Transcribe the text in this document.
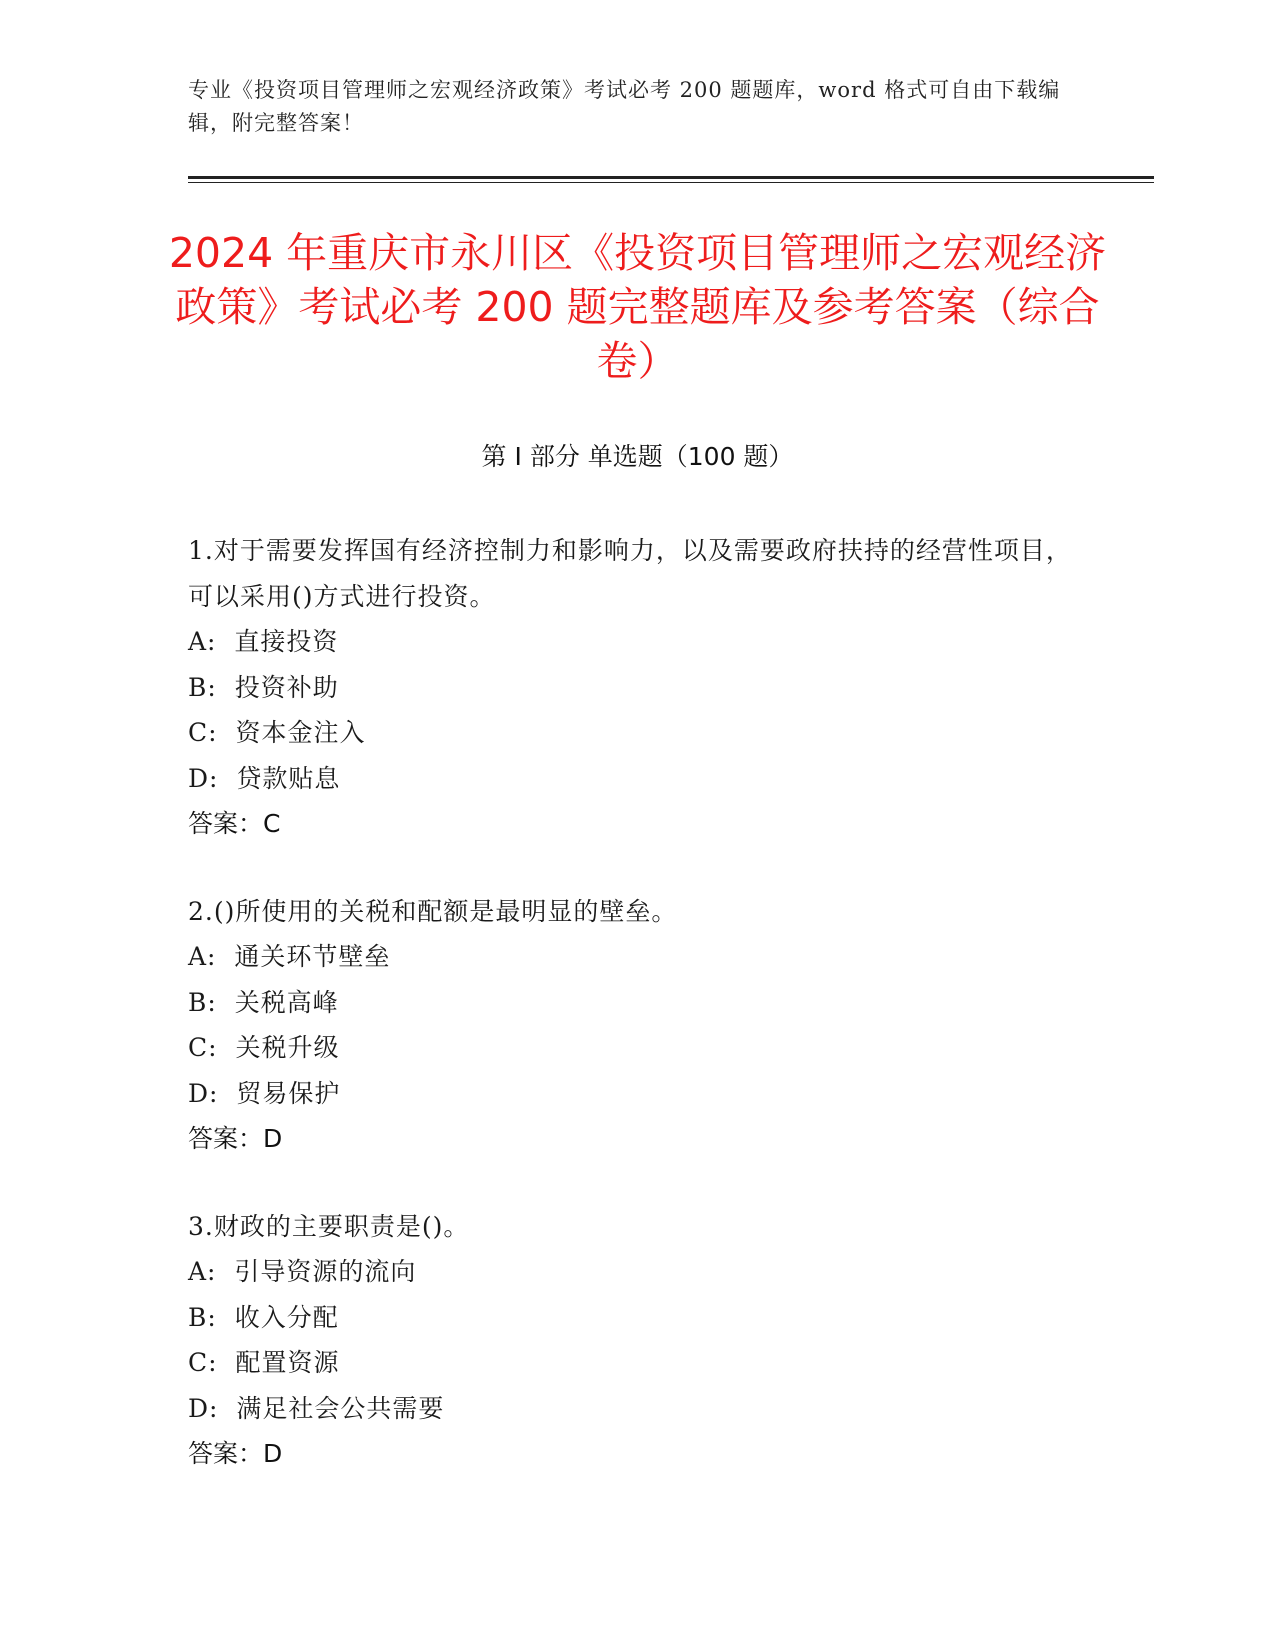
专业《投资项目管理师之宏观经济政策》考试必考 200 题题库，word 格式可自由下载编辑，附完整答案！
2024 年重庆市永川区《投资项目管理师之宏观经济政策》考试必考 200 题完整题库及参考答案（综合卷）
第 I 部分 单选题（100 题）
1.对于需要发挥国有经济控制力和影响力，以及需要政府扶持的经营性项目，可以采用()方式进行投资。
A:  直接投资
B:  投资补助
C:  资本金注入
D:  贷款贴息
答案：C
2.()所使用的关税和配额是最明显的壁垒。
A:  通关环节壁垒
B:  关税高峰
C:  关税升级
D:  贸易保护
答案：D
3.财政的主要职责是()。
A:  引导资源的流向
B:  收入分配
C:  配置资源
D:  满足社会公共需要
答案：D
